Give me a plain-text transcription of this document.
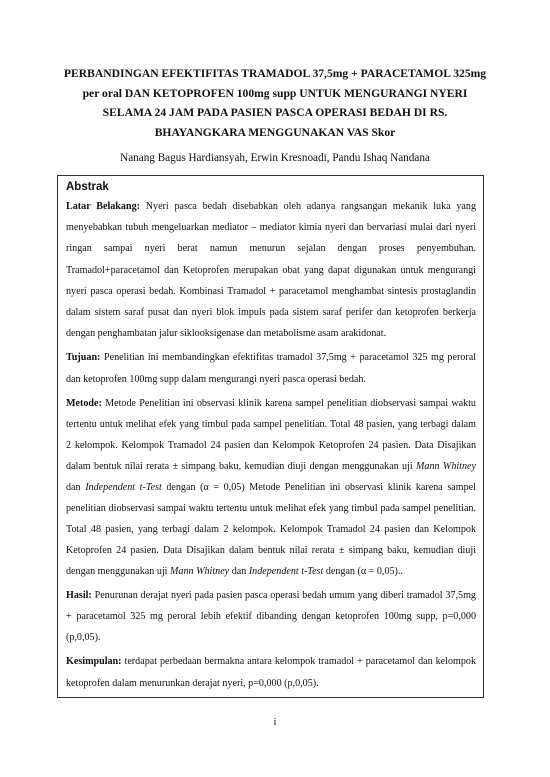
PERBANDINGAN EFEKTIFITAS TRAMADOL 37,5mg + PARACETAMOL 325mg
per oral DAN KETOPROFEN 100mg supp UNTUK MENGURANGI NYERI
SELAMA 24 JAM PADA PASIEN PASCA OPERASI BEDAH DI RS.
BHAYANGKARA MENGGUNAKAN VAS Skor
Nanang Bagus Hardiansyah, Erwin Kresnoadi, Pandu Ishaq Nandana
Abstrak

Latar Belakang: Nyeri pasca bedah disebabkan oleh adanya rangsangan mekanik luka yang menyebabkan tubuh mengeluarkan mediator – mediator kimia nyeri dan bervariasi mulai dari nyeri ringan sampai nyeri berat namun menurun sejalan dengan proses penyembuhan. Tramadol+paracetamol dan Ketoprofen merupakan obat yang dapat digunakan untuk mengurangi nyeri pasca operasi bedah. Kombinasi Tramadol + paracetamol menghambat sintesis prostaglandin dalam sistem saraf pusat dan nyeri blok impuls pada sistem saraf perifer dan ketoprofen berkerja dengan penghambatan jalur siklooksigenase dan metabolisme asam arakidonat.

Tujuan: Penelitian ini membandingkan efektifitas tramadol 37,5mg + paracetamol 325 mg peroral dan ketoprofen 100mg supp dalam mengurangi nyeri pasca operasi bedah.

Metode: Metode Penelitian ini observasi klinik karena sampel penelitian diobservasi sampai waktu tertentu untuk melihat efek yang timbul pada sampel penelitian. Total 48 pasien, yang terbagi dalam 2 kelompok. Kelompok Tramadol 24 pasien dan Kelompok Ketoprofen 24 pasien. Data Disajikan dalam bentuk nilai rerata ± simpang baku, kemudian diuji dengan menggunakan uji Mann Whitney dan Independent t-Test dengan (α = 0,05) Metode Penelitian ini observasi klinik karena sampel penelitian diobservasi sampai waktu tertentu untuk melihat efek yang timbul pada sampel penelitian. Total 48 pasien, yang terbagi dalam 2 kelompok. Kelompok Tramadol 24 pasien dan Kelompok Ketoprofen 24 pasien. Data Disajikan dalam bentuk nilai rerata ± simpang baku, kemudian diuji dengan menggunakan uji Mann Whitney dan Independent t-Test dengan (α = 0,05)..

Hasil: Penurunan derajat nyeri pada pasien pasca operasi bedah umum yang diberi tramadol 37,5mg + paracetamol 325 mg peroral lebih efektif dibanding dengan ketoprofen 100mg supp, p=0,000 (p,0,05).

Kesimpulan: terdapat perbedaan bermakna antara kelompok tramadol + paracetamol dan kelompok ketoprofen dalam menurunkan derajat nyeri, p=0,000 (p,0,05).

i
